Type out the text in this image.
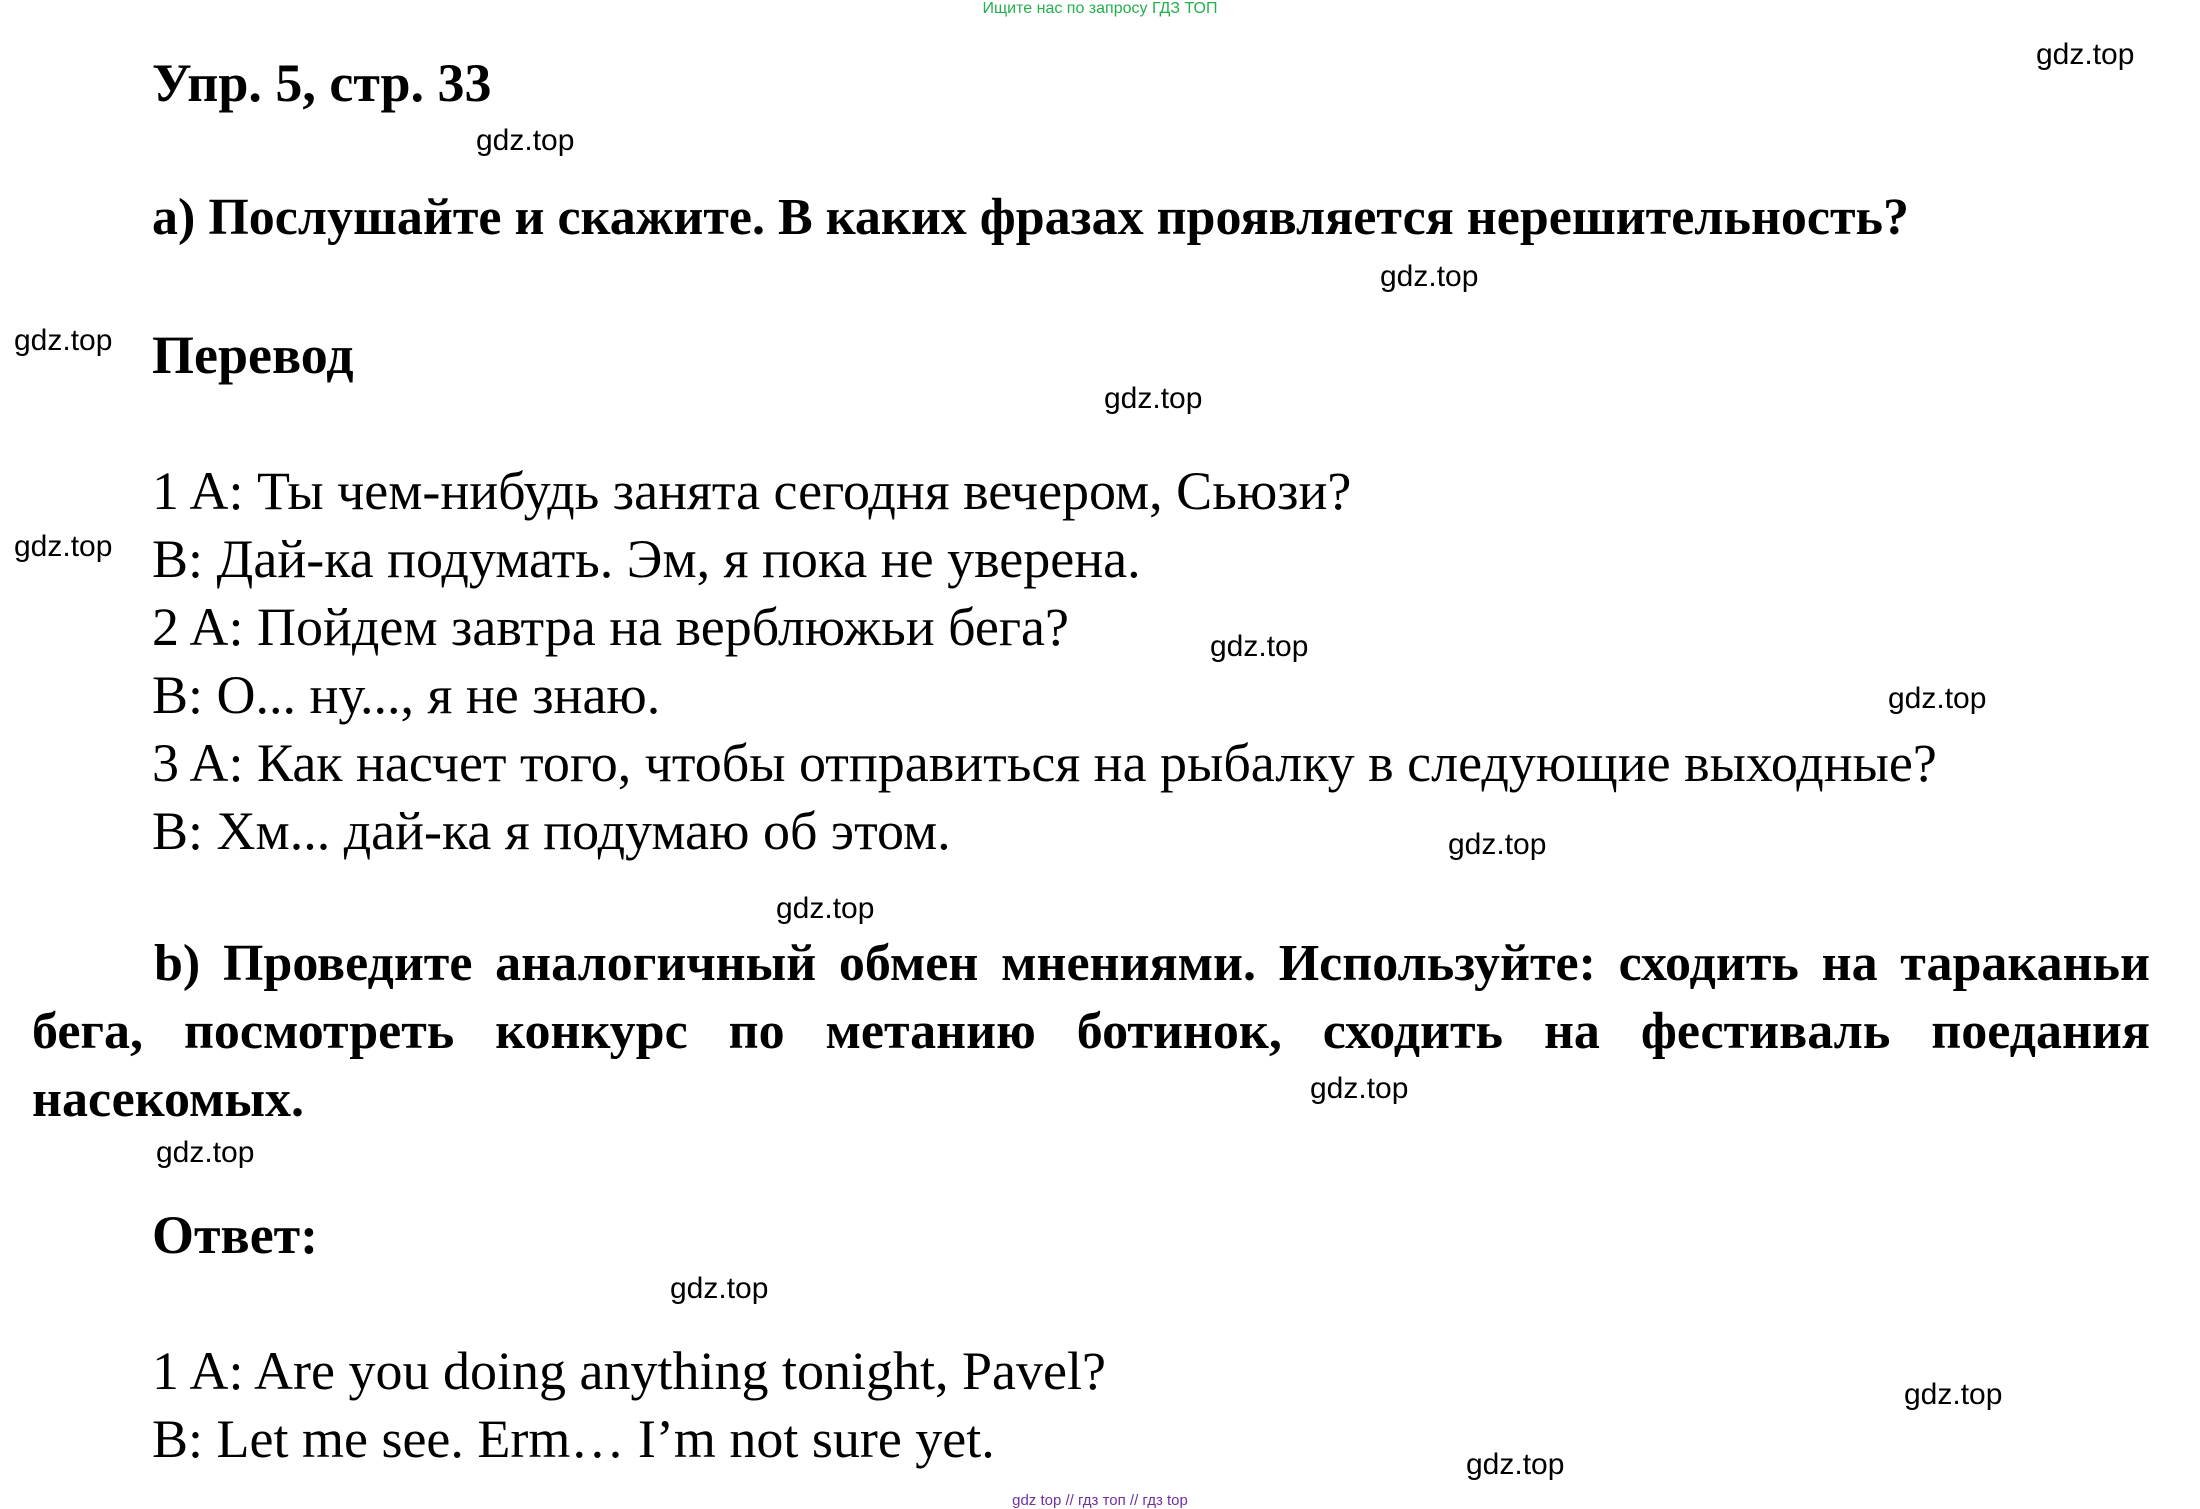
Ищите нас по запросу ГДЗ ТОП
Упр. 5, стр. 33
a) Послушайте и скажите. В каких фразах проявляется нерешительность?
Перевод
1 A: Ты чем-нибудь занята сегодня вечером, Сьюзи?
B: Дай-ка подумать. Эм, я пока не уверена.
2 A: Пойдем завтра на верблюжьи бега?
B: О... ну..., я не знаю.
3 A: Как насчет того, чтобы отправиться на рыбалку в следующие выходные?
B: Хм... дай-ка я подумаю об этом.
b) Проведите аналогичный обмен мнениями. Используйте: сходить на тараканьи бега, посмотреть конкурс по метанию ботинок, сходить на фестиваль поедания насекомых.
Ответ:
1 A: Are you doing anything tonight, Pavel?
B: Let me see. Erm… I’m not sure yet.
gdz.top
gdz.top
gdz.top
gdz.top
gdz.top
gdz.top
gdz.top
gdz.top
gdz.top
gdz.top
gdz.top
gdz.top
gdz.top
gdz.top
gdz.top
gdz top // гдз топ // гдз top
